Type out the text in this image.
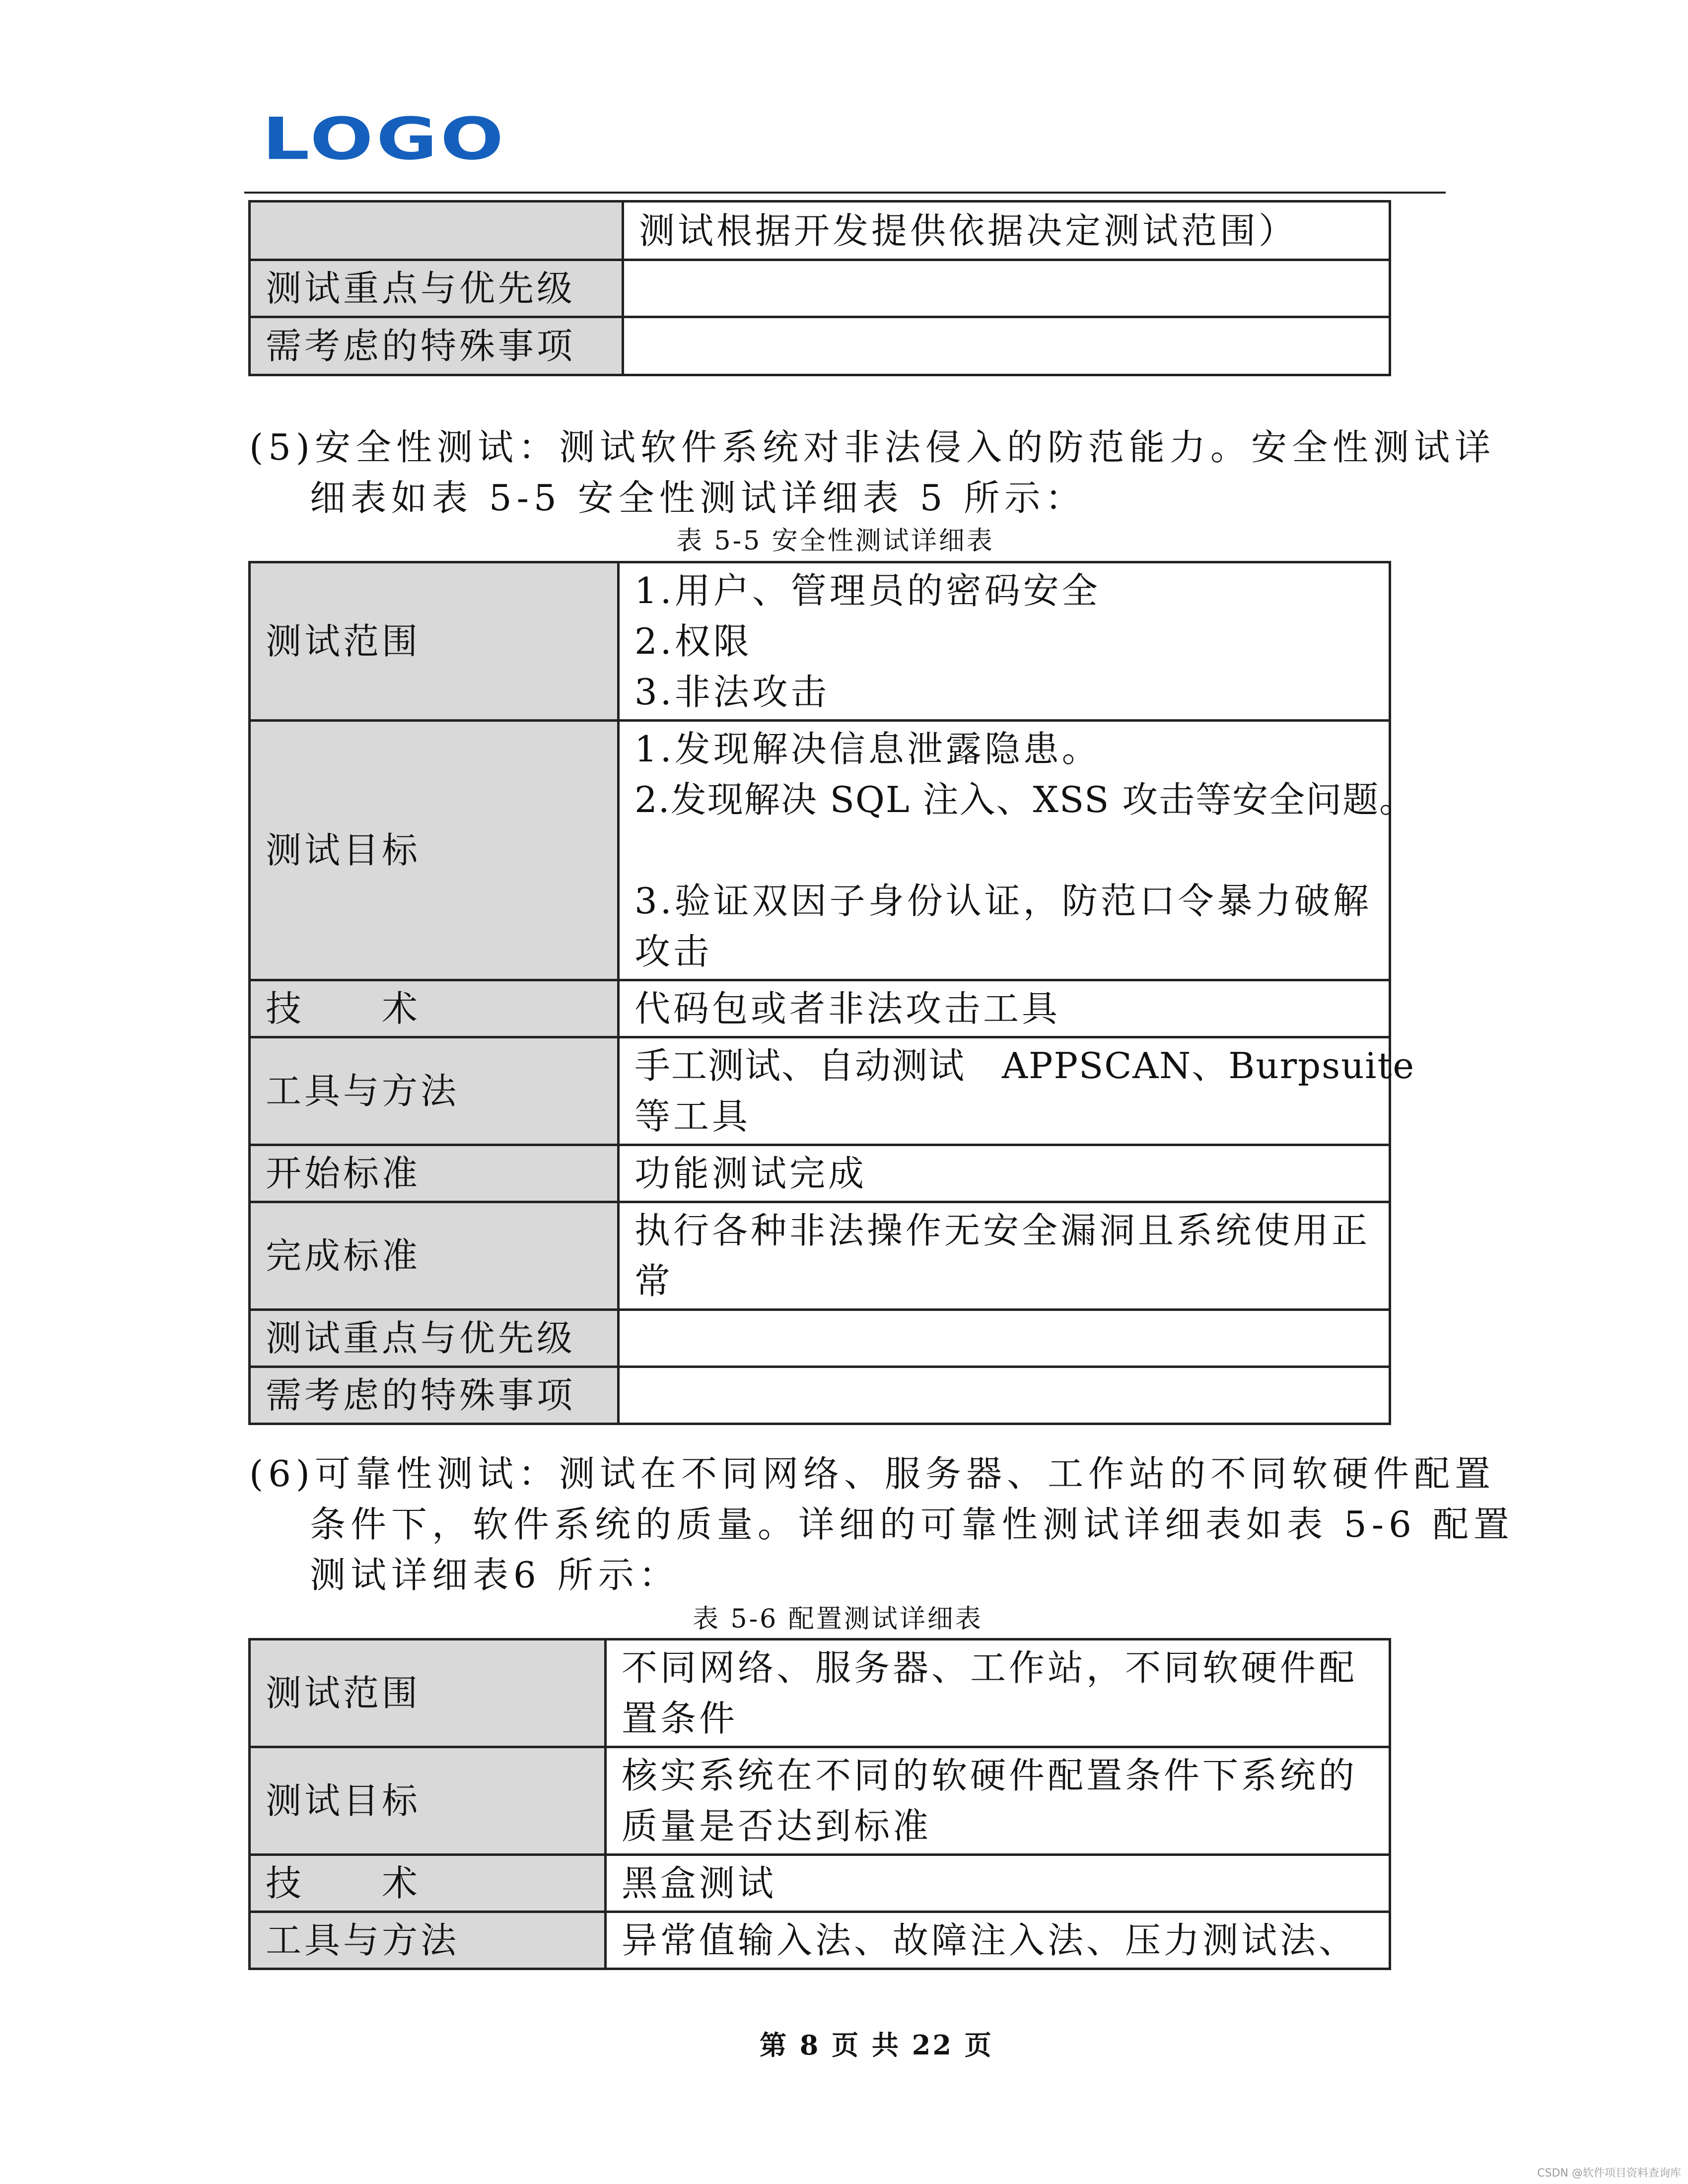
LOGO
	测试根据开发提供依据决定测试范围）
测试重点与优先级	
需考虑的特殊事项	
(5)安全性测试：测试软件系统对非法侵入的防范能力。安全性测试详
细表如表 5-5 安全性测试详细表 5 所示：
表 5-5 安全性测试详细表
测试范围	1.用户、管理员的密码安全
2.权限
3.非法攻击

测试目标	1.发现解决信息泄露隐患。
2.发现解决 SQL 注入、XSS 攻击等安全问题。
3.验证双因子身份认证，防范口令暴力破解
攻击

技　　术	代码包或者非法攻击工具

工具与方法	手工测试、自动测试　APPSCAN、Burpsuite
等工具

开始标准	功能测试完成

完成标准	执行各种非法操作无安全漏洞且系统使用正
常

测试重点与优先级	
需考虑的特殊事项	
(6)可靠性测试：测试在不同网络、服务器、工作站的不同软硬件配置
条件下，软件系统的质量。详细的可靠性测试详细表如表 5-6 配置
测试详细表6 所示：
表 5-6 配置测试详细表
测试范围	不同网络、服务器、工作站，不同软硬件配
置条件

测试目标	核实系统在不同的软硬件配置条件下系统的
质量是否达到标准

技　　术	黑盒测试

工具与方法	异常值输入法、故障注入法、压力测试法、
第 8 页 共 22 页
CSDN @软件项目资料查询库
